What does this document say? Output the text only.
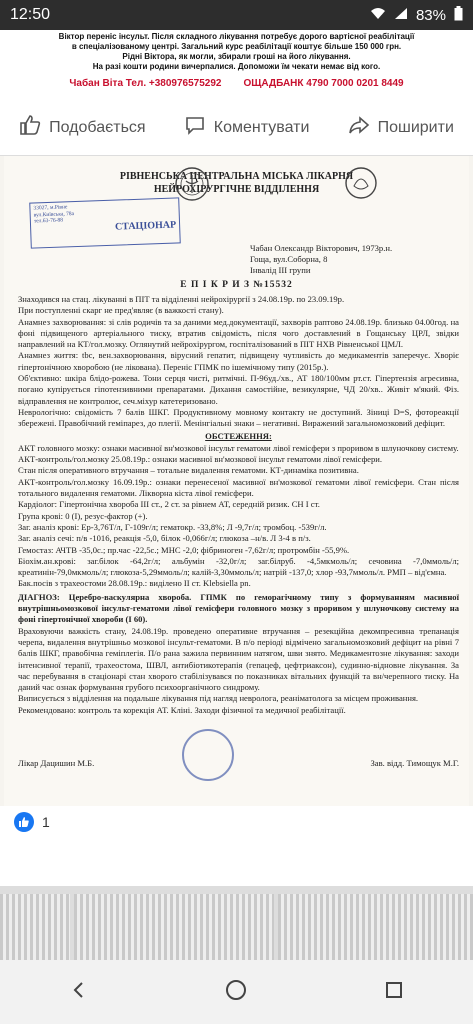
12:50	83%
Віктор переніс інсульт. Після складного лікування потребує дорого вартісної реабілітації
в спеціалізованому центрі. Загальний курс реабілітації коштує більше 150 000 грн.
Рідні Віктора, як могли, збирали гроші на його лікування.
На разі кошти родини вичерпалися. Допоможи їм чекати немає від кого.
Чабан Віта Тел. +380976575292 ОЩАДБАНК 4790 7000 0201 8449
Подобається	Коментувати	Поширити
РІВНЕНСЬКА ЦЕНТРАЛЬНА МІСЬКА ЛІКАРНЯ
НЕЙРОХІРУРГІЧНЕ ВІДДІЛЕННЯ
33027, м.Рівне
вул.Київська, 78а
тел.63-76-88	СТАЦІОНАР
Чабан Олександр Вікторович, 1973р.н.
Гоща, вул.Соборна, 8
Інвалід III групи
Е П І К Р И З №15532

Знаходився на стац. лікуванні в ПІТ та відділенні нейрохірургії з 24.08.19р. по 23.09.19р.

При поступленні скарг не пред'являє (в важкості стану).

Анамнез захворювання: зі слів родичів та за даними мед.документації, захворів раптово 24.08.19р. близько 04.00год. на фоні підвищеного артеріального тиску, втратив свідомість, після чого доставлений в Гощанську ЦРЛ, звідки направлений на КТ/гол.мозку. Оглянутий нейрохірургом, госпіталізований в ПІТ НХВ Рівненської ЦМЛ.

Анамнез життя: tbc, вен.захворювання, вірусний гепатит, підвищену чутливість до медикаментів заперечує. Хворіє гіпертонічною хворобою (не лікована). Переніс ГПМК по ішемічному типу (2015р.).

Об'єктивно: шкіра блідо-рожева. Тони серця чисті, ритмічні. П-96уд./хв., АТ 180/100мм рт.ст. Гіпертензія агресивна, погано купірується гіпотензивними препаратами. Дихання самостійне, везикулярне, ЧД 20/хв.. Живіт м'який. Фіз. відправлення не контролює, сеч.міхур катетеризовано.

Неврологічно: свідомість 7 балів ШКГ. Продуктивному мовному контакту не доступний. Зіниці D=S, фотореакції збережені. Правобічний геміпарез, до плегії. Менінгіальні знаки – негативні. Виражений загальномозковий дефіцит.

ОБСТЕЖЕННЯ:

АКТ головного мозку: ознаки масивної вн'мозкової інсульт гематоми лівої гемісфери з проривом в шлуночкову систему.

АКТ-контроль/гол.мозку 25.08.19р.: ознаки масивної вн'мозкової інсульт гематоми лівої гемісфери.

Стан після оперативного втручання – тотальне видалення гематоми. КТ-динаміка позитивна.

АКТ-контроль/гол.мозку 16.09.19р.: ознаки перенесеної масивної вн'мозкової гематоми лівої гемісфери. Стан після тотального видалення гематоми. Лікворна кіста лівої гемісфери.

Кардіолог: Гіпертонічна хвороба III ст., 2 ст. за рівнем АТ, середній ризик. СН І ст.

Група крові: 0 (I), резус-фактор (+).

Заг. аналіз крові: Ер-3,76Т/л, Г-109г/л; гематокр. -33,8%; Л -9,7г/л; тромбоц. -539г/л.

Заг. аналіз сечі: п/в -1016, реакція -5,0, білок -0,066г/л; глюкоза –н/в. Л 3-4 в п/з.

Гемостаз: АЧТВ -35,0с.; пр.час -22,5с.; МНС -2,0; фібриноген -7,62г/л; протромбін -55,9%.

Біохім.ан.крові: заг.білок -64,2г/л; альбумін -32,0г/л; заг.білруб. -4,5мкмоль/л; сечовина -7,0ммоль/л; креатинін-79,0мкмоль/л; глюкоза-5,29ммоль/л; калій-3,30ммоль/л; натрій -137,0; хлор -93,7ммоль/л. РМП – від'ємна.

Бак.посів з трахеостоми 28.08.19р.: виділено II ст. Klebsiella pn.

ДІАГНОЗ: Церебро-васкулярна хвороба. ГПМК по геморагічному типу з формуванням масивної внутрішньомозкової інсульт-гематоми лівої гемісфери головного мозку з проривом у шлуночкову систему на фоні гіпертонічної хвороби (І 60).

Враховуючи важкість стану, 24.08.19р. проведено оперативне втручання – резекційна декомпресивна трепанація черепа, видалення внутрішньо мозкової інсульт-гематоми. В п/о періоді відмічено загальномозковий дефіцит на рівні 7 балів ШКГ, правобічна геміплегія. П/о рана зажила первинним натягом, шви знято. Медикаментозне лікування: заходи інтенсивної терапії, трахеостома, ШВЛ, антибіотикотерапія (гепацеф, цефтриаксон), судинно-відновне лікування. За час перебування в стаціонарі стан хворого стабілізувався по показниках вітальних функцій та вн/черепного тиску. На даний час ознак формування грубого психоорганічного синдрому.

Виписується з відділення на подальше лікування під нагляд невролога, реаніматолога за місцем проживання.

Рекомендовано: контроль та корекція АТ. Кліні. Заходи фізичної та медичної реабілітації.

Лікар Дацишин М.Б.	Зав. відд. Тимощук М.Г.
1
